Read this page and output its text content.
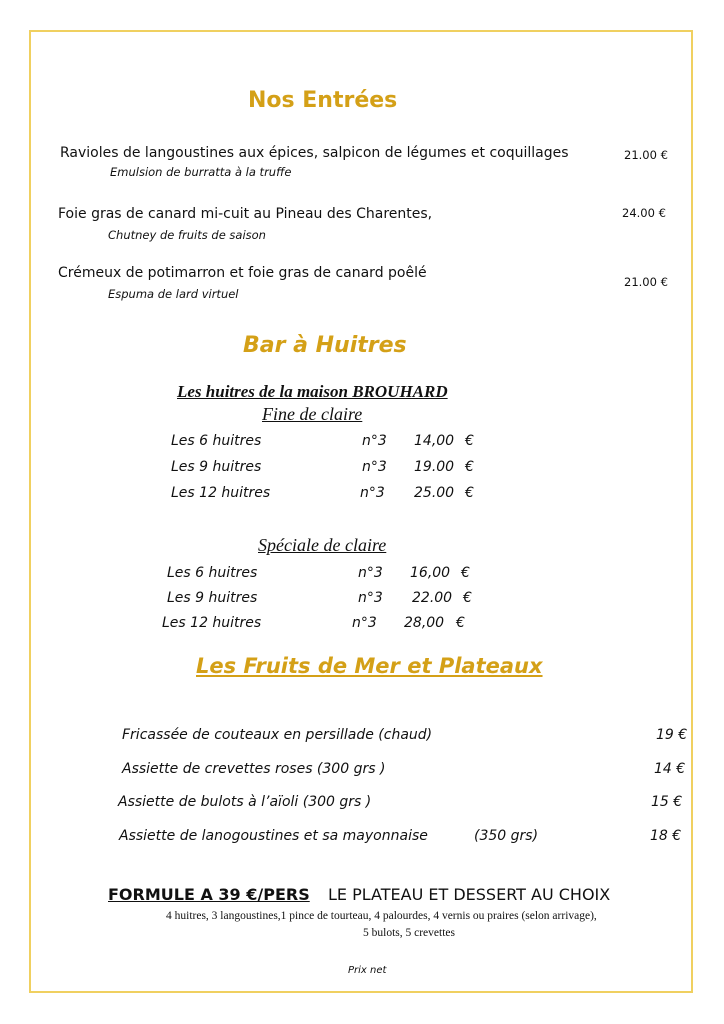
Nos Entrées
Ravioles de langoustines aux épices, salpicon de légumes et coquillages
Emulsion de burratta à la truffe
21.00 €
Foie gras de canard mi-cuit au Pineau des Charentes,
Chutney de fruits de saison
24.00 €
Crémeux de potimarron et foie gras de canard poêlé
Espuma de lard virtuel
21.00 €
Bar à Huitres
Les huitres de la maison BROUHARD
Fine de claire
Les 6 huitres	n°3 14,00 €
Les 9 huitres	n°3 19.00 €
Les 12 huitres	n°3 25.00 €
Spéciale de claire
Les 6 huitres	n°3 16,00 €
Les 9 huitres	n°3 22.00 €
Les 12 huitres	n°3 28,00 €
Les Fruits de Mer et Plateaux
Fricassée de couteaux en persillade (chaud)	19 €
Assiette de crevettes roses (300 grs )	14 €
Assiette de bulots à l’aïoli (300 grs )	15 €
Assiette de lanogoustines et sa mayonnaise	(350 grs)	18 €
FORMULE A 39 €/PERS LE PLATEAU ET DESSERT AU CHOIX
4 huitres, 3 langoustines,1 pince de tourteau, 4 palourdes, 4 vernis ou praires (selon arrivage),
5 bulots, 5 crevettes
Prix net
